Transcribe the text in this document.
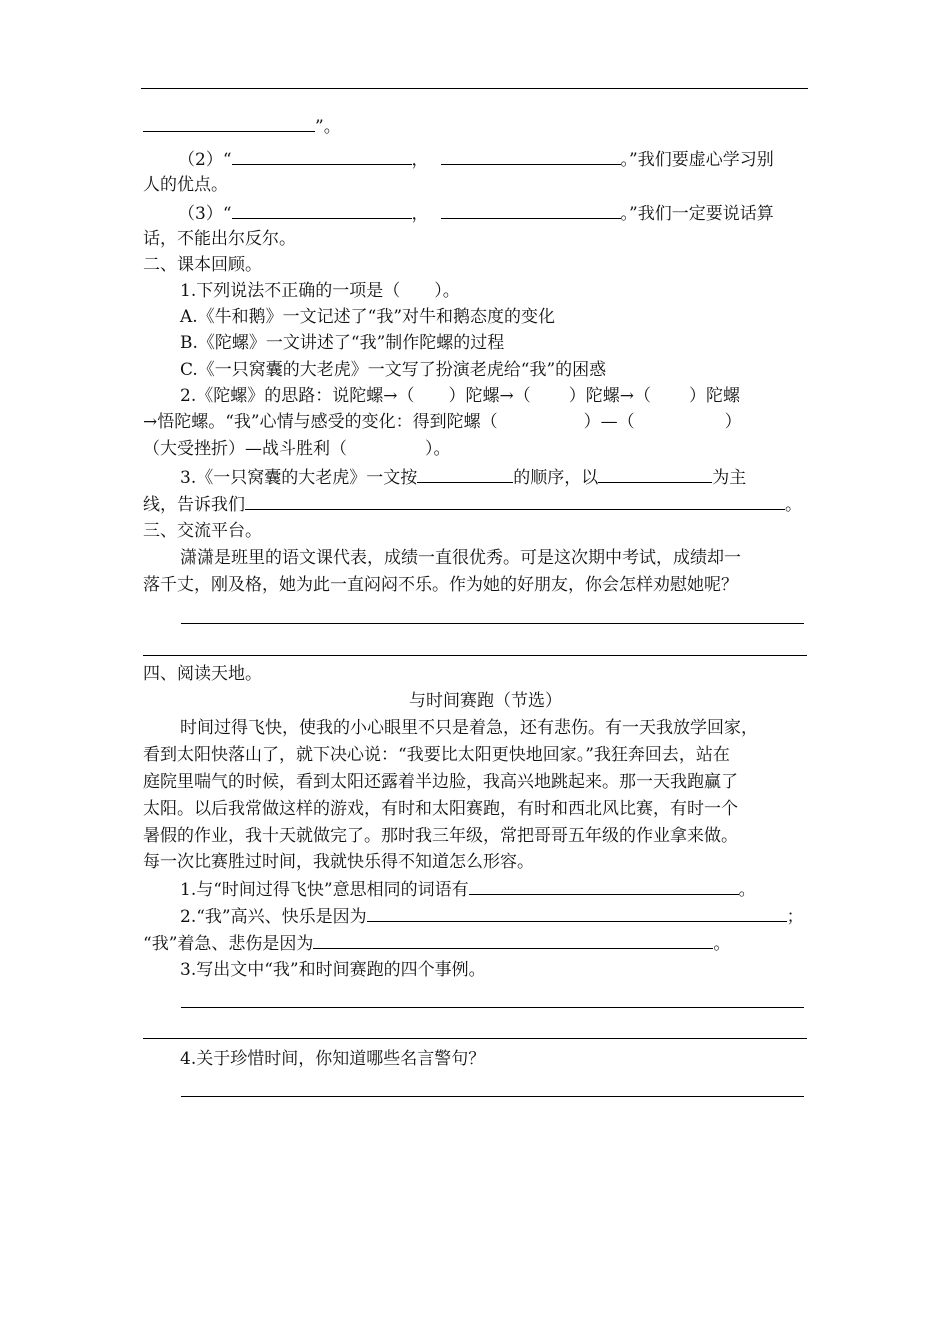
”。
（2）“	，	。”我们要虚心学习别
人的优点。
（3）“	，	。”我们一定要说话算
话，不能出尔反尔。
二、课本回顾。
1.下列说法不正确的一项是（　　）。
A.《牛和鹅》一文记述了“我”对牛和鹅态度的变化
B.《陀螺》一文讲述了“我”制作陀螺的过程
C.《一只窝囊的大老虎》一文写了扮演老虎给“我”的困惑
2.《陀螺》的思路：说陀螺→（ ）陀螺→（ ）陀螺→（ ）陀螺
→悟陀螺。“我”心情与感受的变化：得到陀螺（	）—（	）
（大受挫折）—战斗胜利（	）。
3.《一只窝囊的大老虎》一文按	的顺序，以	为主
线，告诉我们	。
三、交流平台。
潇潇是班里的语文课代表，成绩一直很优秀。可是这次期中考试，成绩却一
落千丈，刚及格，她为此一直闷闷不乐。作为她的好朋友，你会怎样劝慰她呢？
四、阅读天地。
与时间赛跑（节选）
时间过得飞快，使我的小心眼里不只是着急，还有悲伤。有一天我放学回家，
看到太阳快落山了，就下决心说：“我要比太阳更快地回家。”我狂奔回去，站在
庭院里喘气的时候，看到太阳还露着半边脸，我高兴地跳起来。那一天我跑赢了
太阳。以后我常做这样的游戏，有时和太阳赛跑，有时和西北风比赛，有时一个
暑假的作业，我十天就做完了。那时我三年级，常把哥哥五年级的作业拿来做。
每一次比赛胜过时间，我就快乐得不知道怎么形容。
1.与“时间过得飞快”意思相同的词语有	。
2.“我”高兴、快乐是因为	；
“我”着急、悲伤是因为	。
3.写出文中“我”和时间赛跑的四个事例。
4.关于珍惜时间，你知道哪些名言警句？
